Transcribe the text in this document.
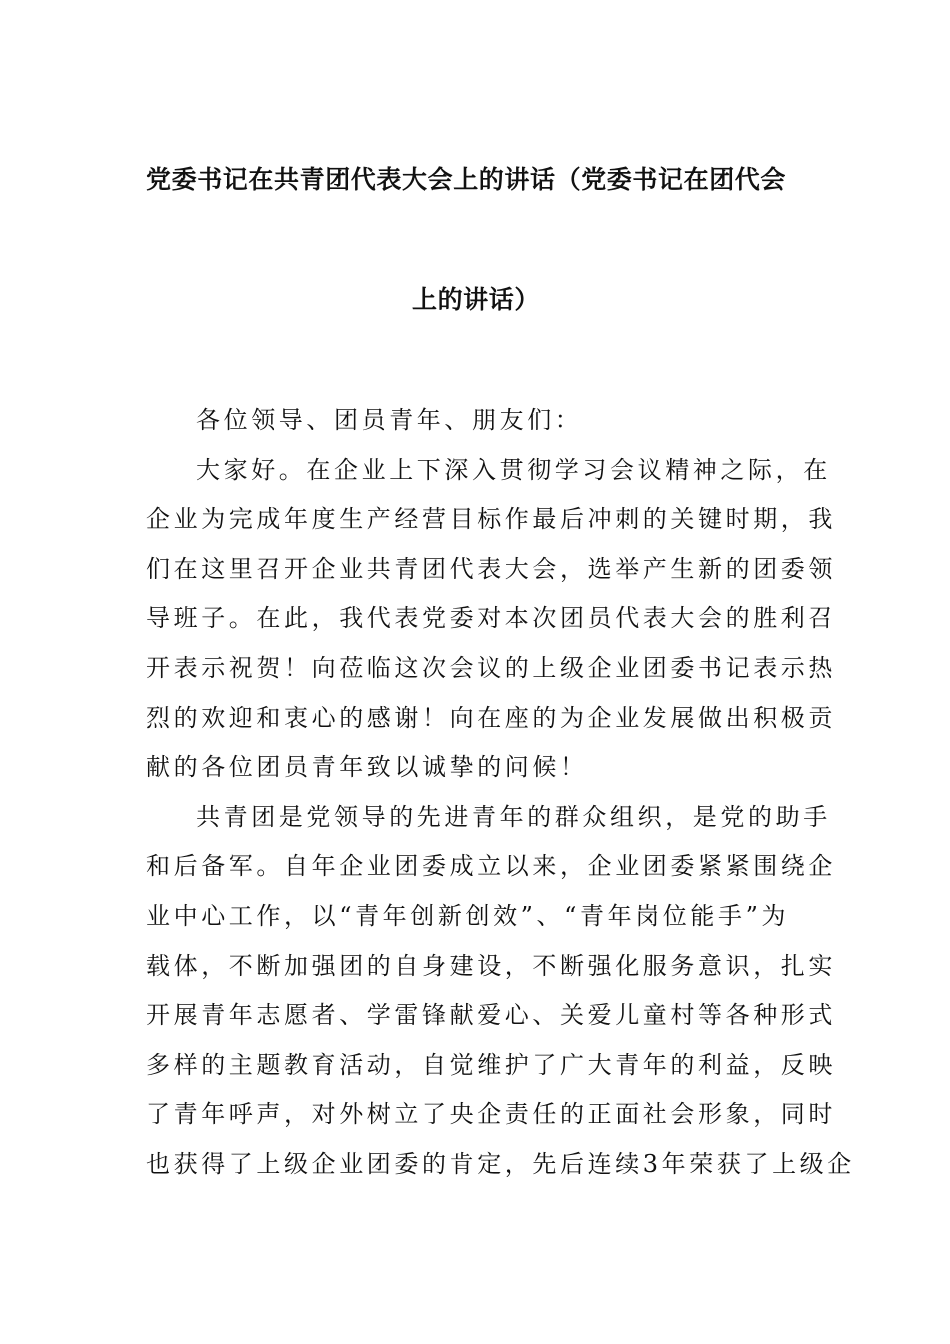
党委书记在共青团代表大会上的讲话（党委书记在团代会
上的讲话）
各位领导、团员青年、朋友们：
大家好。在企业上下深入贯彻学习会议精神之际，在
企业为完成年度生产经营目标作最后冲刺的关键时期，我
们在这里召开企业共青团代表大会，选举产生新的团委领
导班子。在此，我代表党委对本次团员代表大会的胜利召
开表示祝贺！向莅临这次会议的上级企业团委书记表示热
烈的欢迎和衷心的感谢！向在座的为企业发展做出积极贡
献的各位团员青年致以诚挚的问候！
共青团是党领导的先进青年的群众组织，是党的助手
和后备军。自年企业团委成立以来，企业团委紧紧围绕企
业中心工作，以“青年创新创效”、“青年岗位能手”为
载体，不断加强团的自身建设，不断强化服务意识，扎实
开展青年志愿者、学雷锋献爱心、关爱儿童村等各种形式
多样的主题教育活动，自觉维护了广大青年的利益，反映
了青年呼声，对外树立了央企责任的正面社会形象，同时
也获得了上级企业团委的肯定，先后连续3年荣获了上级企
